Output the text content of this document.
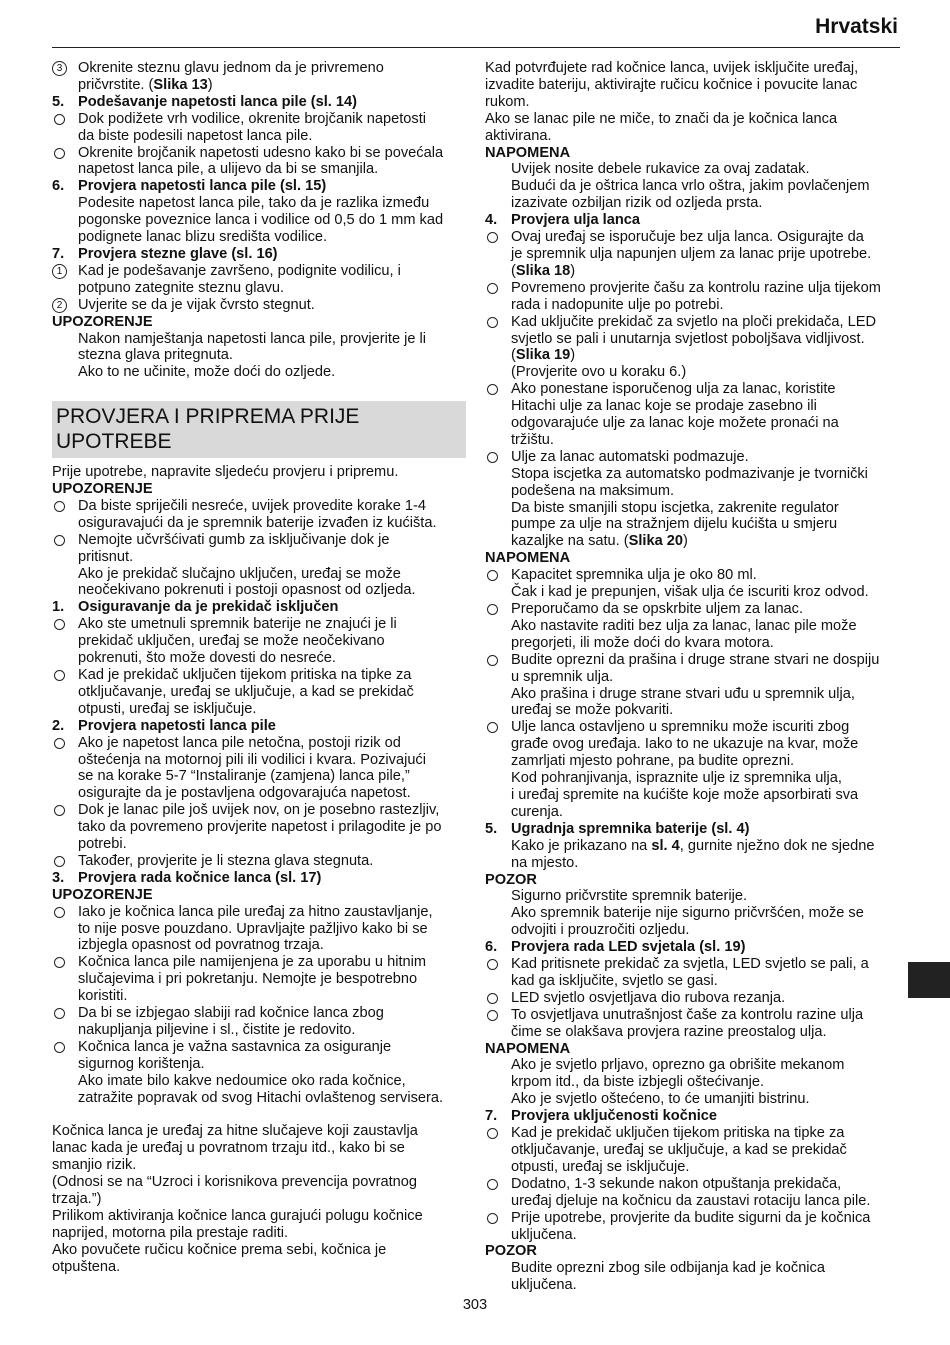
Hrvatski
3	Okrenite steznu glavu jednom da je privremeno
pričvrstite. (Slika 13)
5. Podešavanje napetosti lanca pile (sl. 14)
Dok podižete vrh vodilice, okrenite brojčanik napetosti
da biste podesili napetost lanca pile.
Okrenite brojčanik napetosti udesno kako bi se povećala
napetost lanca pile, a ulijevo da bi se smanjila.
6. Provjera napetosti lanca pile (sl. 15)
Podesite napetost lanca pile, tako da je razlika između
pogonske poveznice lanca i vodilice od 0,5 do 1 mm kad
podignete lanac blizu središta vodilice.
7. Provjera stezne glave (sl. 16)
1	Kad je podešavanje završeno, podignite vodilicu, i
potpuno zategnite steznu glavu.
2	Uvjerite se da je vijak čvrsto stegnut.
UPOZORENJE
Nakon namještanja napetosti lanca pile, provjerite je li
stezna glava pritegnuta.
Ako to ne učinite, može doći do ozljede.
PROVJERA I PRIPREMA PRIJE
UPOTREBE
Prije upotrebe, napravite sljedeću provjeru i pripremu.
UPOZORENJE
Da biste spriječili nesreće, uvijek provedite korake 1-4
osiguravajući da je spremnik baterije izvađen iz kućišta.
Nemojte učvršćivati gumb za isključivanje dok je
pritisnut.
Ako je prekidač slučajno uključen, uređaj se može
neočekivano pokrenuti i postoji opasnost od ozljeda.
1. Osiguravanje da je prekidač isključen
Ako ste umetnuli spremnik baterije ne znajući je li
prekidač uključen, uređaj se može neočekivano
pokrenuti, što može dovesti do nesreće.
Kad je prekidač uključen tijekom pritiska na tipke za
otključavanje, uređaj se uključuje, a kad se prekidač
otpusti, uređaj se isključuje.
2. Provjera napetosti lanca pile
Ako je napetost lanca pile netočna, postoji rizik od
oštećenja na motornoj pili ili vodilici i kvara. Pozivajući
se na korake 5-7 “Instaliranje (zamjena) lanca pile,”
osigurajte da je postavljena odgovarajuća napetost.
Dok je lanac pile još uvijek nov, on je posebno rastezljiv,
tako da povremeno provjerite napetost i prilagodite je po
potrebi.
Također, provjerite je li stezna glava stegnuta.
3. Provjera rada kočnice lanca (sl. 17)
UPOZORENJE
Iako je kočnica lanca pile uređaj za hitno zaustavljanje,
to nije posve pouzdano. Upravljajte pažljivo kako bi se
izbjegla opasnost od povratnog trzaja.
Kočnica lanca pile namijenjena je za uporabu u hitnim
slučajevima i pri pokretanju. Nemojte je bespotrebno
koristiti.
Da bi se izbjegao slabiji rad kočnice lanca zbog
nakupljanja piljevine i sl., čistite je redovito.
Kočnica lanca je važna sastavnica za osiguranje
sigurnog korištenja.
Ako imate bilo kakve nedoumice oko rada kočnice,
zatražite popravak od svog Hitachi ovlaštenog servisera.
Kočnica lanca je uređaj za hitne slučajeve koji zaustavlja
lanac kada je uređaj u povratnom trzaju itd., kako bi se
smanjio rizik.
(Odnosi se na “Uzroci i korisnikova prevencija povratnog
trzaja.”)
Prilikom aktiviranja kočnice lanca gurajući polugu kočnice
naprijed, motorna pila prestaje raditi.
Ako povučete ručicu kočnice prema sebi, kočnica je
otpuštena.
Kad potvrđujete rad kočnice lanca, uvijek isključite uređaj,
izvadite bateriju, aktivirajte ručicu kočnice i povucite lanac
rukom.
Ako se lanac pile ne miče, to znači da je kočnica lanca
aktivirana.
NAPOMENA
Uvijek nosite debele rukavice za ovaj zadatak.
Budući da je oštrica lanca vrlo oštra, jakim povlačenjem
izazivate ozbiljan rizik od ozljeda prsta.
4. Provjera ulja lanca
Ovaj uređaj se isporučuje bez ulja lanca. Osigurajte da
je spremnik ulja napunjen uljem za lanac prije upotrebe.
(Slika 18)
Povremeno provjerite čašu za kontrolu razine ulja tijekom
rada i nadopunite ulje po potrebi.
Kad uključite prekidač za svjetlo na ploči prekidača, LED
svjetlo se pali i unutarnja svjetlost poboljšava vidljivost.
(Slika 19)
(Provjerite ovo u koraku 6.)
Ako ponestane isporučenog ulja za lanac, koristite
Hitachi ulje za lanac koje se prodaje zasebno ili
odgovarajuće ulje za lanac koje možete pronaći na
tržištu.
Ulje za lanac automatski podmazuje.
Stopa iscjetka za automatsko podmazivanje je tvornički
podešena na maksimum.
Da biste smanjili stopu iscjetka, zakrenite regulator
pumpe za ulje na stražnjem dijelu kućišta u smjeru
kazaljke na satu. (Slika 20)
NAPOMENA
Kapacitet spremnika ulja je oko 80 ml.
Čak i kad je prepunjen, višak ulja će iscuriti kroz odvod.
Preporučamo da se opskrbite uljem za lanac.
Ako nastavite raditi bez ulja za lanac, lanac pile može
pregorjeti, ili može doći do kvara motora.
Budite oprezni da prašina i druge strane stvari ne dospiju
u spremnik ulja.
Ako prašina i druge strane stvari uđu u spremnik ulja,
uređaj se može pokvariti.
Ulje lanca ostavljeno u spremniku može iscuriti zbog
građe ovog uređaja. Iako to ne ukazuje na kvar, može
zamrljati mjesto pohrane, pa budite oprezni.
Kod pohranjivanja, ispraznite ulje iz spremnika ulja,
i uređaj spremite na kućište koje može apsorbirati sva
curenja.
5. Ugradnja spremnika baterije (sl. 4)
Kako je prikazano na sl. 4, gurnite nježno dok ne sjedne
na mjesto.
POZOR
Sigurno pričvrstite spremnik baterije.
Ako spremnik baterije nije sigurno pričvršćen, može se
odvojiti i prouzročiti ozljedu.
6. Provjera rada LED svjetala (sl. 19)
Kad pritisnete prekidač za svjetla, LED svjetlo se pali, a
kad ga isključite, svjetlo se gasi.
LED svjetlo osvjetljava dio rubova rezanja.
To osvjetljava unutrašnjost čaše za kontrolu razine ulja
čime se olakšava provjera razine preostalog ulja.
NAPOMENA
Ako je svjetlo prljavo, oprezno ga obrišite mekanom
krpom itd., da biste izbjegli oštećivanje.
Ako je svjetlo oštećeno, to će umanjiti bistrinu.
7. Provjera uključenosti kočnice
Kad je prekidač uključen tijekom pritiska na tipke za
otključavanje, uređaj se uključuje, a kad se prekidač
otpusti, uređaj se isključuje.
Dodatno, 1-3 sekunde nakon otpuštanja prekidača,
uređaj djeluje na kočnicu da zaustavi rotaciju lanca pile.
Prije upotrebe, provjerite da budite sigurni da je kočnica
uključena.
POZOR
Budite oprezni zbog sile odbijanja kad je kočnica
uključena.
303
